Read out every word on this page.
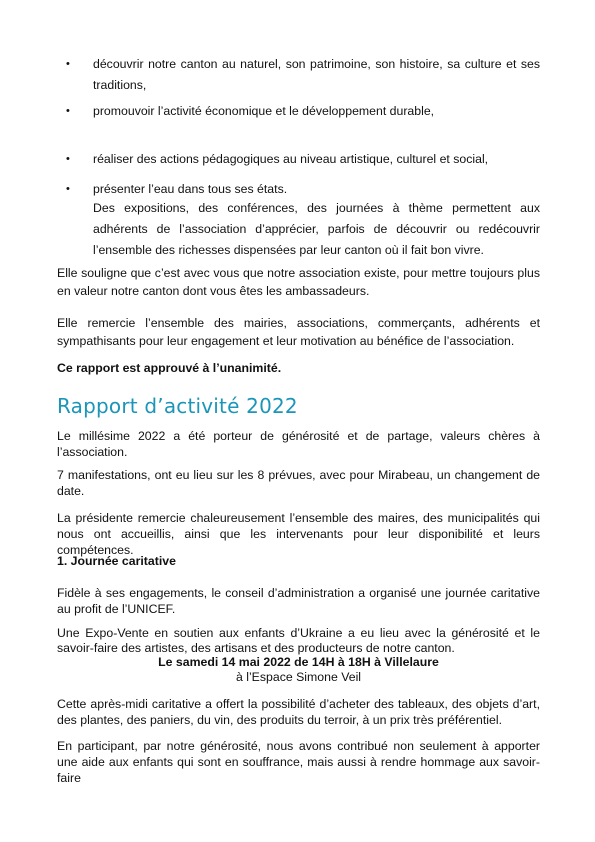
• découvrir notre canton au naturel, son patrimoine, son histoire, sa culture et ses traditions,
• promouvoir l’activité économique et le développement durable,
• réaliser des actions pédagogiques au niveau artistique, culturel et social,
• présenter l’eau dans tous ses états.
Des expositions, des conférences, des journées à thème permettent aux adhérents de l’association d’apprécier, parfois de découvrir ou redécouvrir l’ensemble des richesses dispensées par leur canton où il fait bon vivre.

Elle souligne que c’est avec vous que notre association existe, pour mettre toujours plus en valeur notre canton dont vous êtes les ambassadeurs.

Elle remercie l’ensemble des mairies, associations, commerçants, adhérents et sympathisants pour leur engagement et leur motivation au bénéfice de l’association.

Ce rapport est approuvé à l’unanimité.

Rapport d’activité 2022

Le millésime 2022 a été porteur de générosité et de partage, valeurs chères à l’association.

7 manifestations, ont eu lieu sur les 8 prévues, avec pour Mirabeau, un changement de date.

La présidente remercie chaleureusement l’ensemble des maires, des municipalités qui nous ont accueillis, ainsi que les intervenants pour leur disponibilité et leurs compétences.

1. Journée caritative

Fidèle à ses engagements, le conseil d’administration a organisé une journée caritative au profit de l’UNICEF.

Une Expo-Vente en soutien aux enfants d’Ukraine a eu lieu avec la générosité et le savoir-faire des artistes, des artisans et des producteurs de notre canton.

Le samedi 14 mai 2022 de 14H à 18H à Villelaure

à l’Espace Simone Veil

Cette après-midi caritative a offert la possibilité d’acheter des tableaux, des objets d’art, des plantes, des paniers, du vin, des produits du terroir, à un prix très préférentiel.

En participant, par notre générosité, nous avons contribué non seulement à apporter une aide aux enfants qui sont en souffrance, mais aussi à rendre hommage aux savoir-faire
